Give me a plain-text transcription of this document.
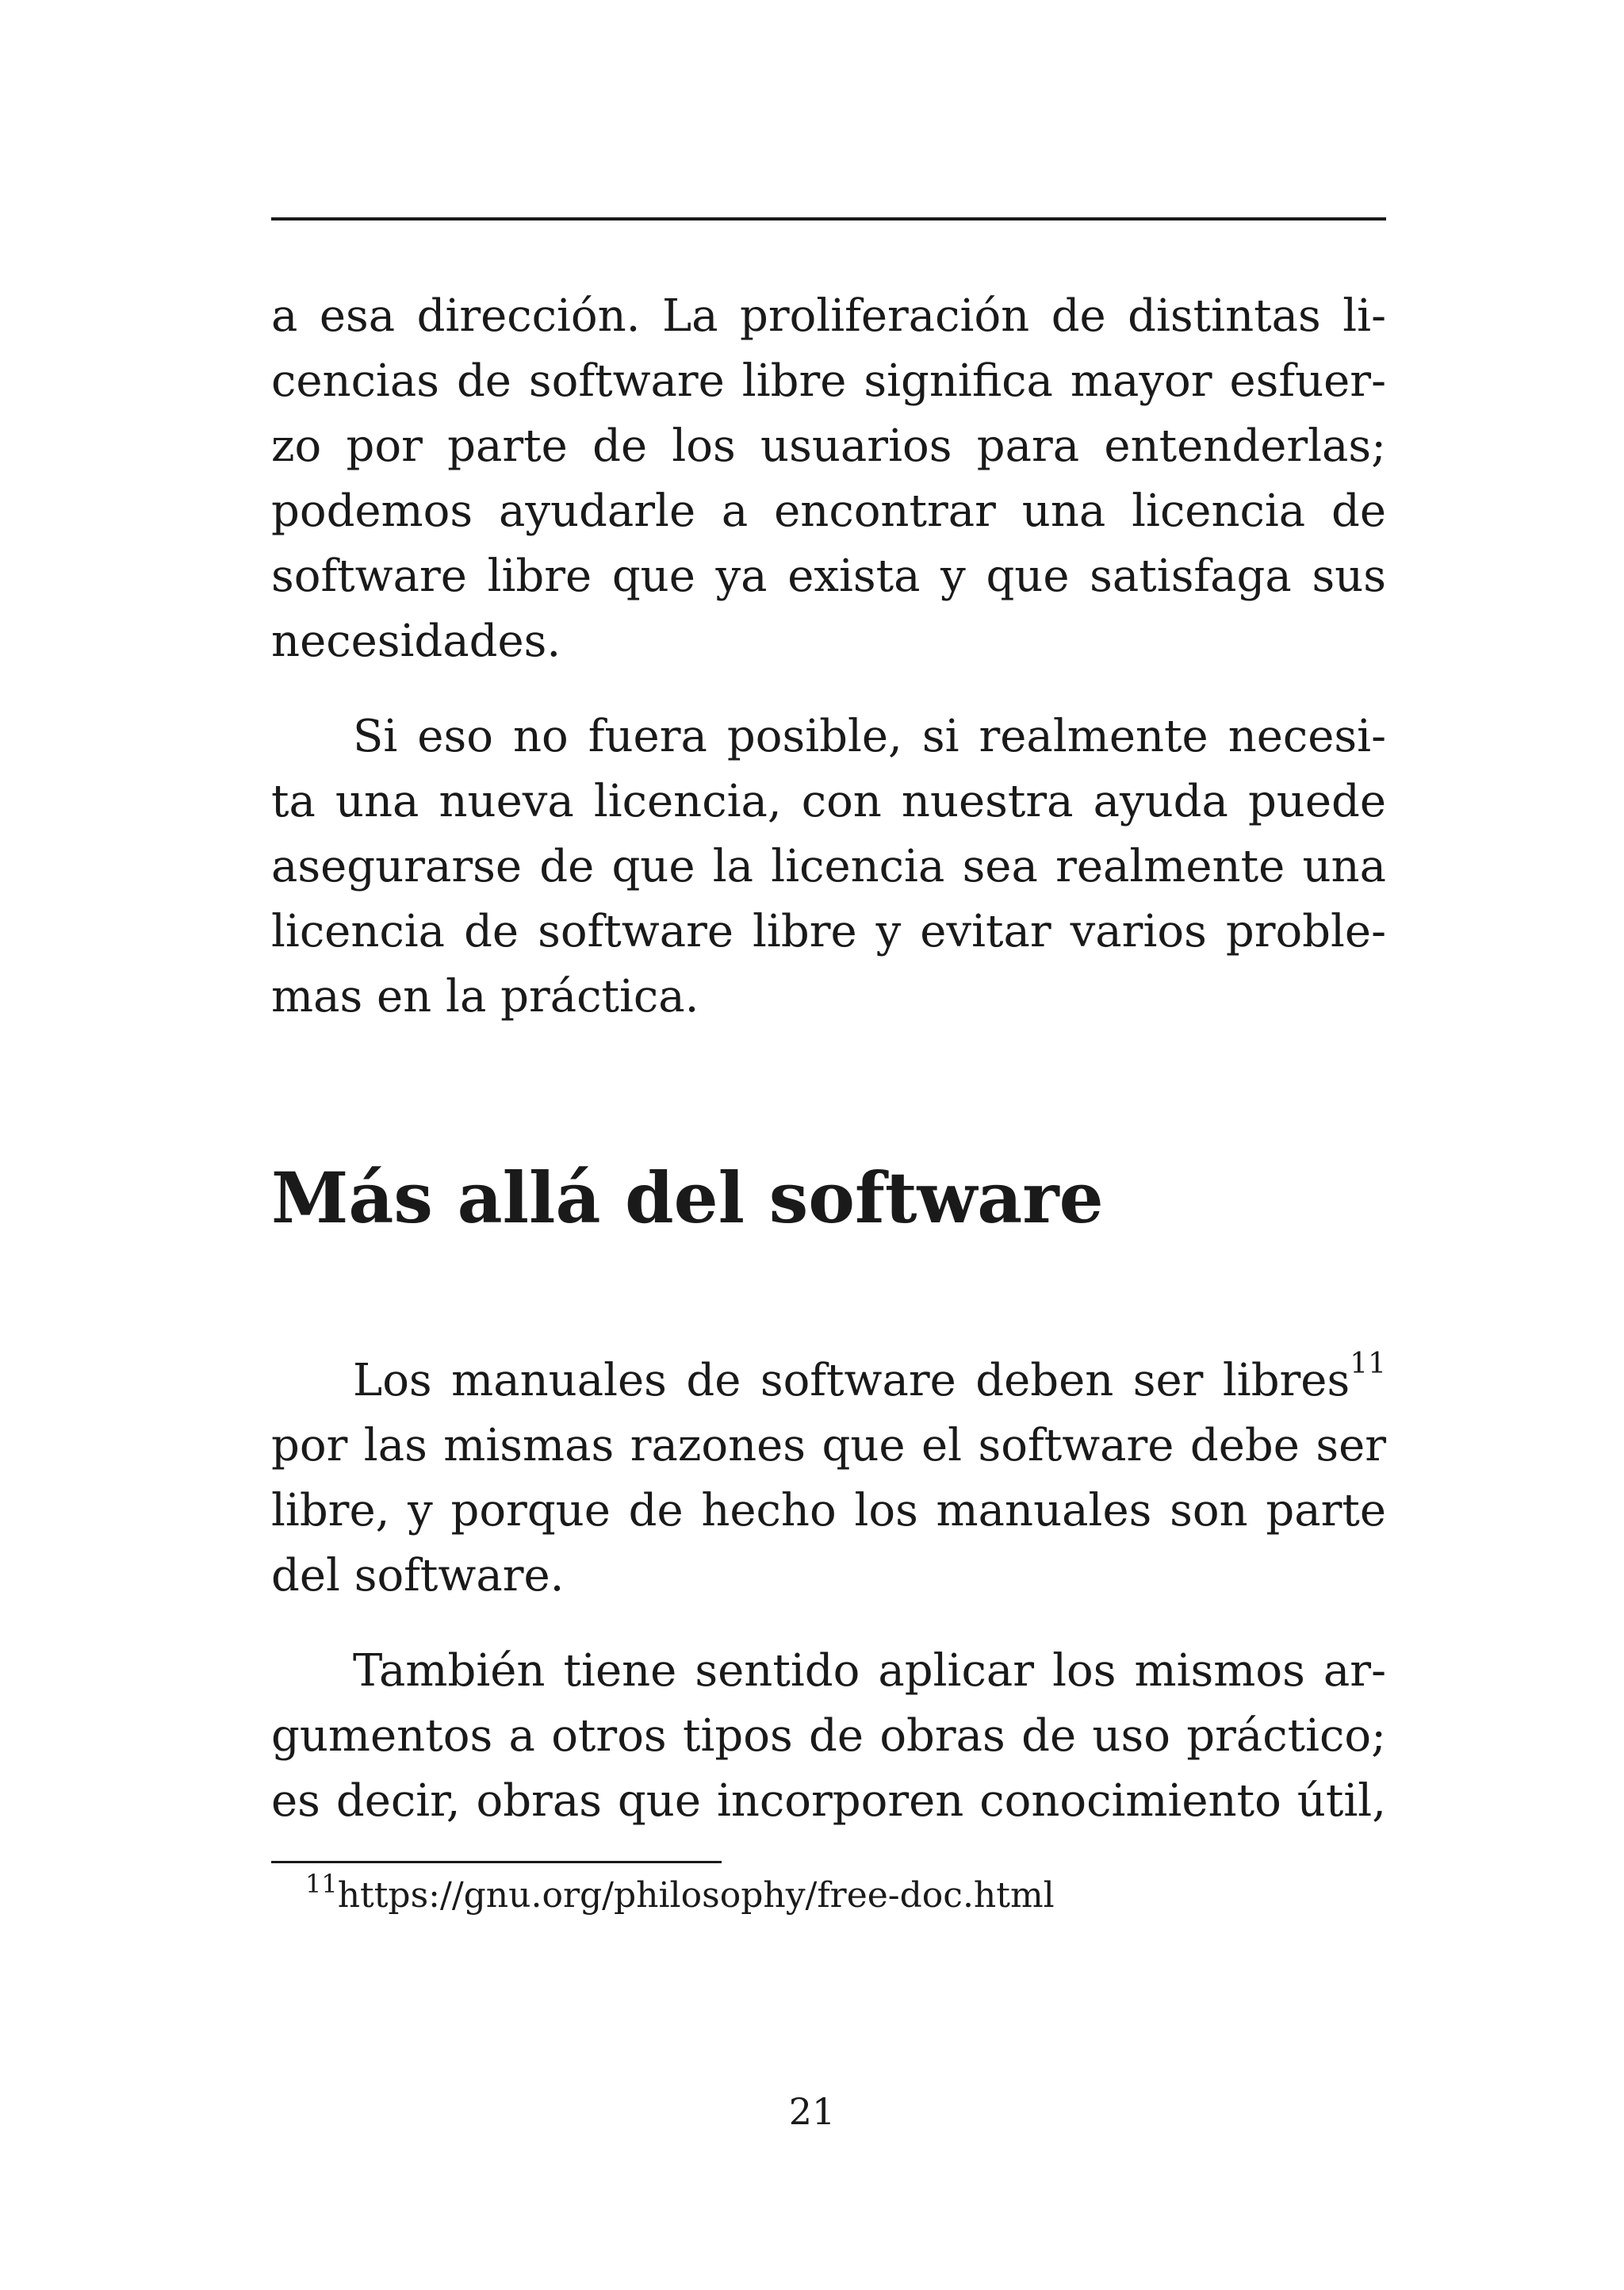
a esa dirección. La proliferación de distintas li-
cencias de software libre significa mayor esfuer-
zo por parte de los usuarios para entenderlas;
podemos ayudarle a encontrar una licencia de
software libre que ya exista y que satisfaga sus
necesidades.
Si eso no fuera posible, si realmente necesi-
ta una nueva licencia, con nuestra ayuda puede
asegurarse de que la licencia sea realmente una
licencia de software libre y evitar varios proble-
mas en la práctica.
Más allá del software
Los manuales de software deben ser libres$^{11}$
por las mismas razones que el software debe ser
libre, y porque de hecho los manuales son parte
del software.
También tiene sentido aplicar los mismos ar-
gumentos a otros tipos de obras de uso práctico;
es decir, obras que incorporen conocimiento útil,
$^{11}$https://gnu.org/philosophy/free-doc.html
21
